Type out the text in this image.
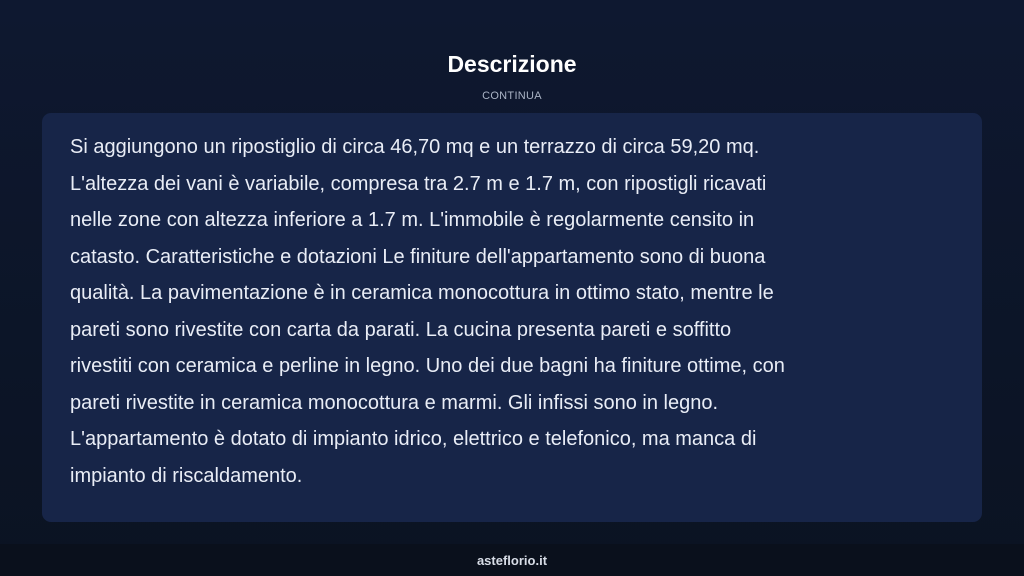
Descrizione
CONTINUA

Si aggiungono un ripostiglio di circa 46,70 mq e un terrazzo di circa 59,20 mq.
L'altezza dei vani è variabile, compresa tra 2.7 m e 1.7 m, con ripostigli ricavati
nelle zone con altezza inferiore a 1.7 m. L'immobile è regolarmente censito in
catasto. Caratteristiche e dotazioni Le finiture dell'appartamento sono di buona
qualità. La pavimentazione è in ceramica monocottura in ottimo stato, mentre le
pareti sono rivestite con carta da parati. La cucina presenta pareti e soffitto
rivestiti con ceramica e perline in legno. Uno dei due bagni ha finiture ottime, con
pareti rivestite in ceramica monocottura e marmi. Gli infissi sono in legno.
L'appartamento è dotato di impianto idrico, elettrico e telefonico, ma manca di
impianto di riscaldamento.

asteflorio.it
